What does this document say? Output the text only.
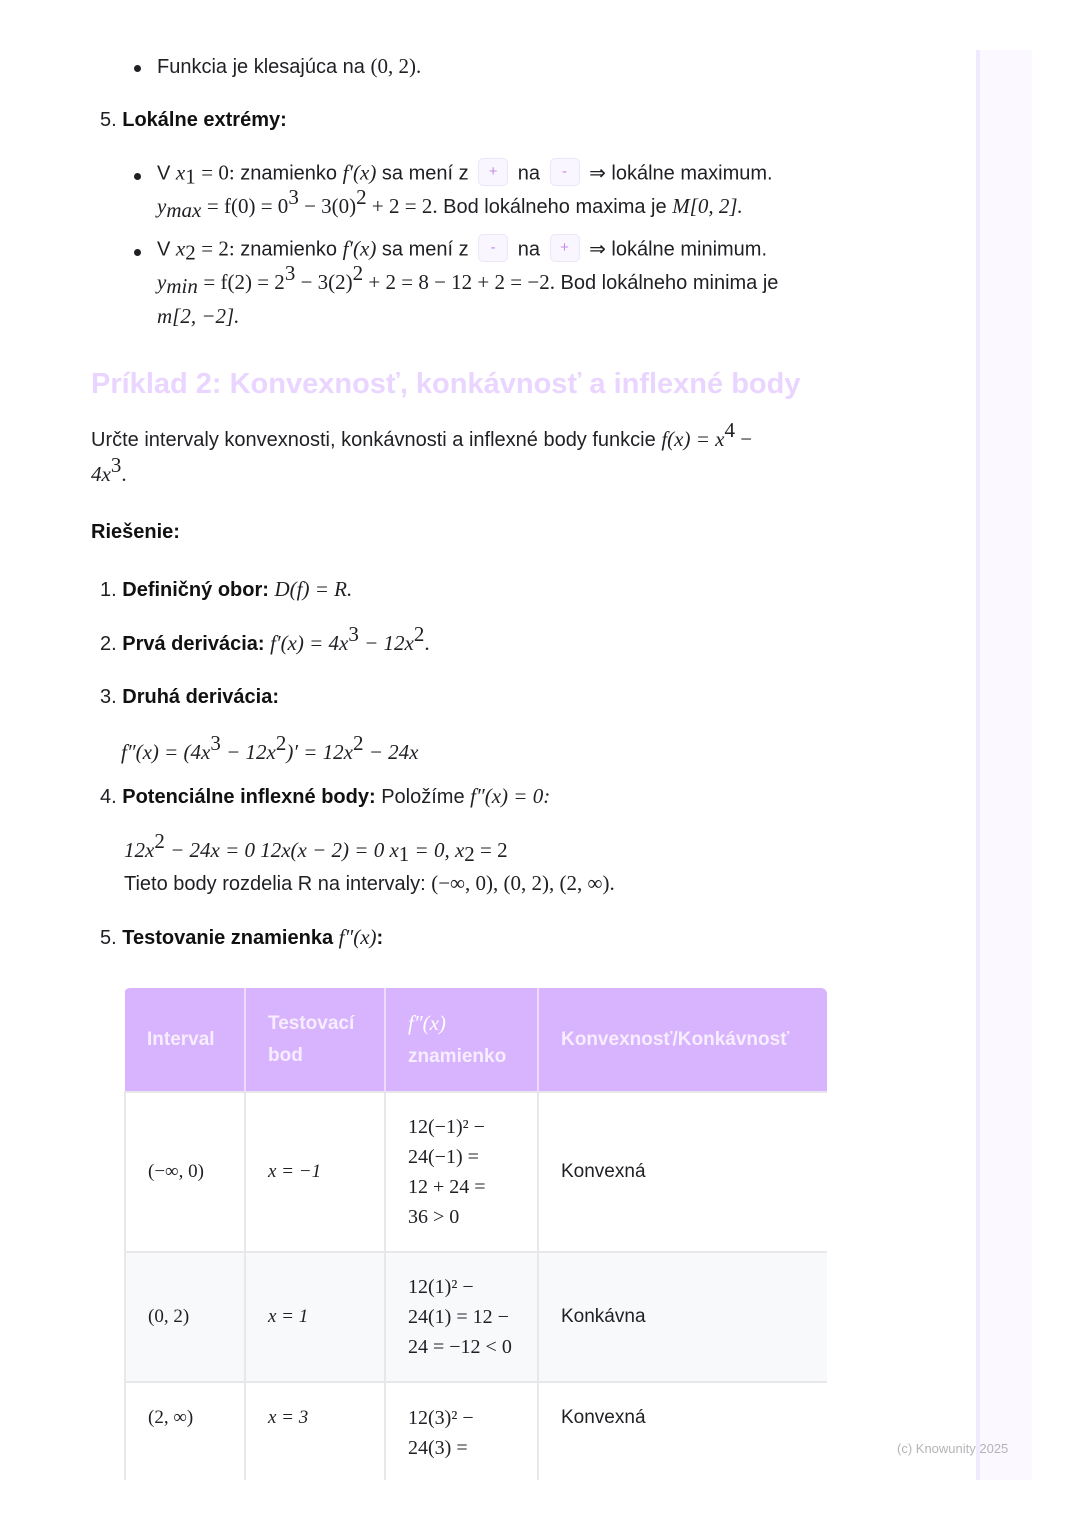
Funkcia je klesajúca na (0, 2).
5. Lokálne extrémy:
V $x_1 = 0$: znamienko f′(x) sa mení z + na - ⇒ lokálne maximum.
$y_{max} = f(0) = 0^3 - 3(0)^2 + 2 = 2$. Bod lokálneho maxima je M[0, 2].
V $x_2 = 2$: znamienko f′(x) sa mení z - na + ⇒ lokálne minimum.
$y_{min} = f(2) = 2^3 - 3(2)^2 + 2 = 8 - 12 + 2 = -2$. Bod lokálneho minima je
m[2, −2].
Príklad 2: Konvexnosť, konkávnosť a inflexné body
Určte intervaly konvexnosti, konkávnosti a inflexné body funkcie $f(x) = x^4$ −
$4x^3$.
Riešenie:
1. Definičný obor: D(f) = R.
2. Prvá derivácia: $f'(x) = 4x^3 - 12x^2$.
3. Druhá derivácia:
$f''(x) = (4x^3 - 12x^2)' = 12x^2 - 24x$
4. Potenciálne inflexné body: Položíme f″(x) = 0:
$12x^2 - 24x = 0$ 12x(x − 2) = 0 $x_1 = 0$, $x_2 = 2$
Tieto body rozdelia R na intervaly: (−∞, 0), (0, 2), (2, ∞).
5. Testovanie znamienka f″(x):
Interval	Testovací bod	f″(x)
znamienko	Konvexnosť/Konkávnosť
(−∞, 0)	x = −1	12(−1)² −
24(−1) =
12 + 24 =
36 > 0	Konvexná
(0, 2)	x = 1	12(1)² −
24(1) = 12 −
24 = −12 < 0	Konkávna
(2, ∞)	x = 3	12(3)² −
24(3) =	Konvexná
(c) Knowunity 2025
